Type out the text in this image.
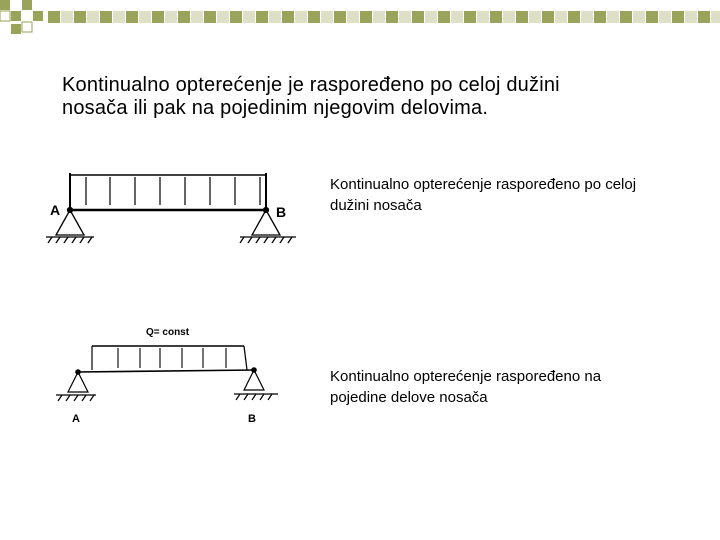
Kontinualno opterećenje je raspoređeno po celoj dužini
nosača ili pak na pojedinim njegovim delovima.
A	B
Kontinualno opterećenje raspoređeno po celoj
dužini nosača
Q= const
A	B
Kontinualno opterećenje raspoređeno na
pojedine delove nosača
